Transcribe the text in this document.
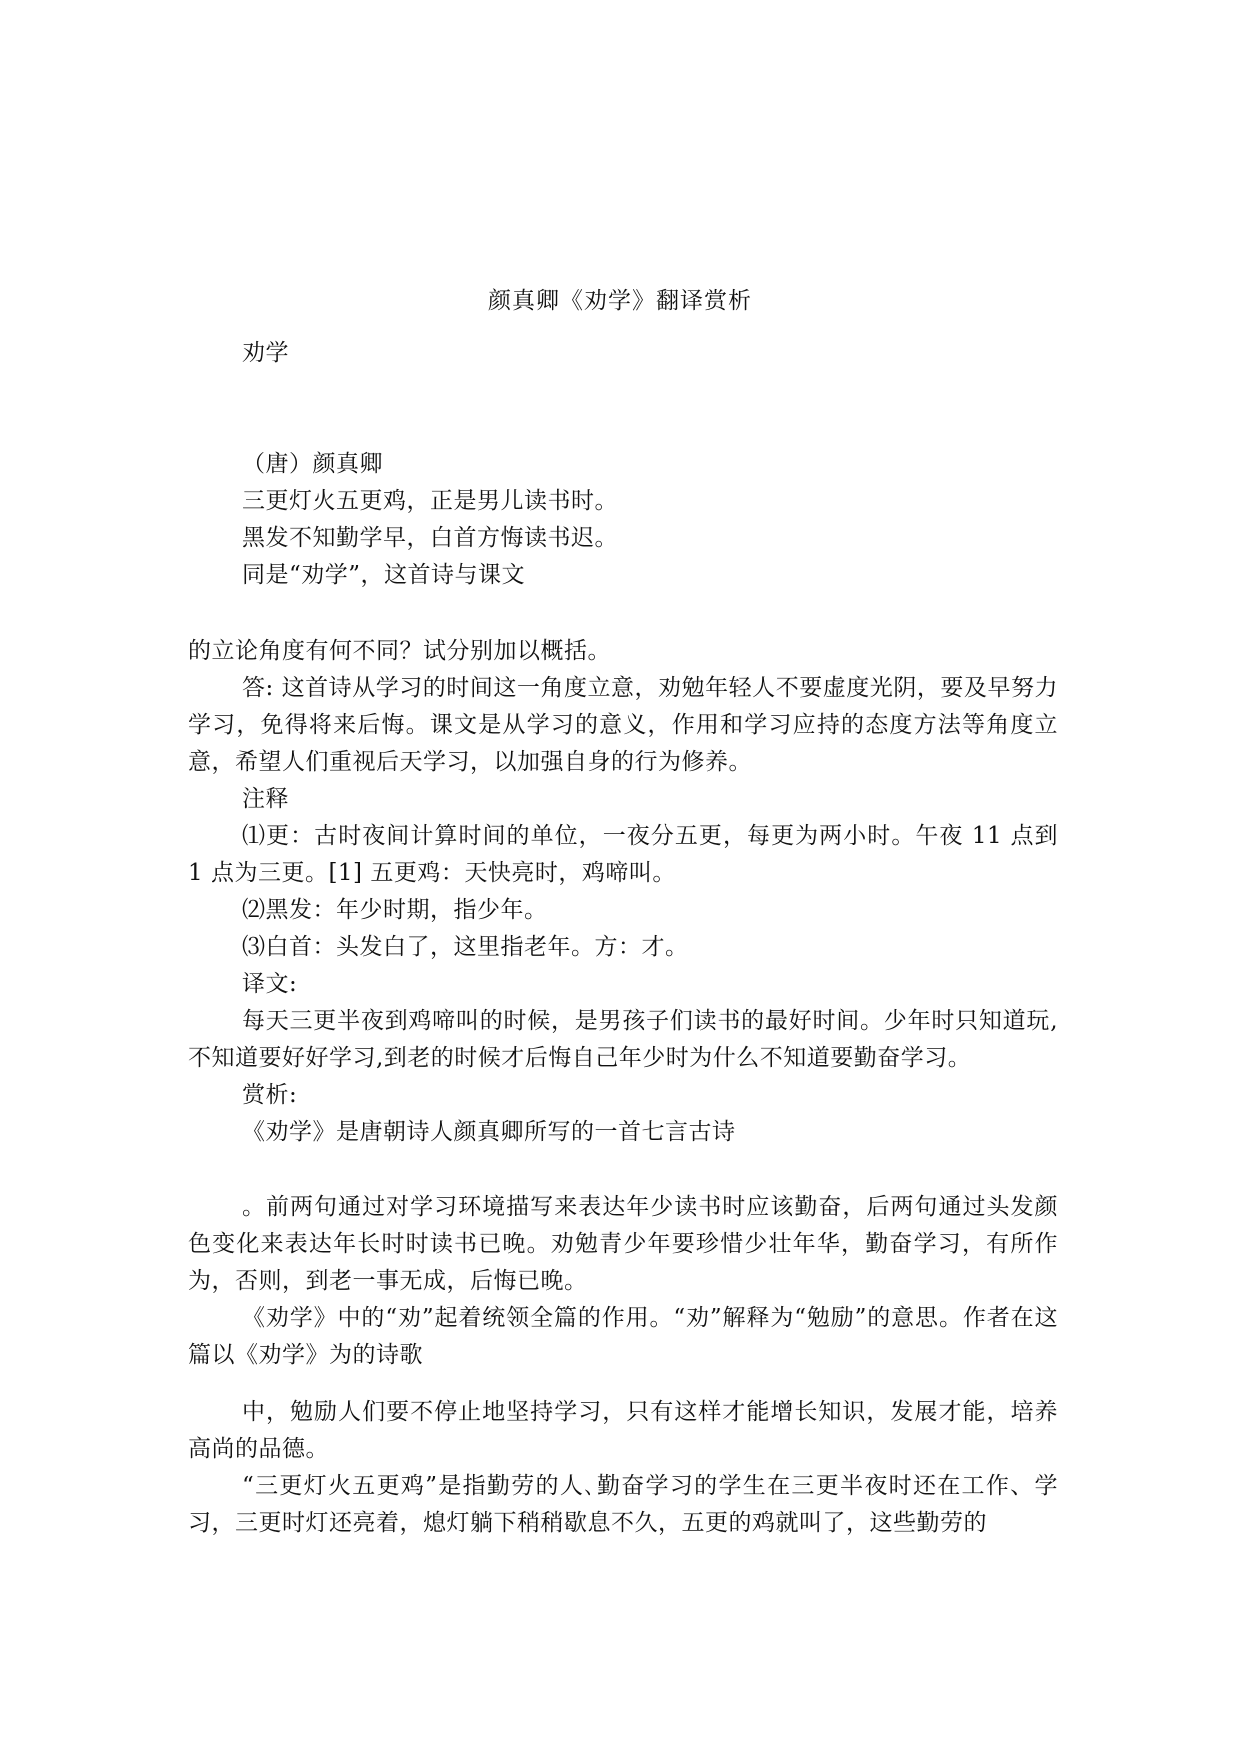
颜真卿《劝学》翻译赏析

劝学

（唐）颜真卿

三更灯火五更鸡，正是男儿读书时。

黑发不知勤学早，白首方悔读书迟。

同是“劝学”，这首诗与课文

的立论角度有何不同？试分别加以概括。

答: 这首诗从学习的时间这一角度立意，劝勉年轻人不要虚度光阴，要及早努力学习，免得将来后悔。课文是从学习的意义，作用和学习应持的态度方法等角度立意，希望人们重视后天学习，以加强自身的行为修养。

注释

⑴更：古时夜间计算时间的单位，一夜分五更，每更为两小时。午夜 11 点到 1 点为三更。[1] 五更鸡：天快亮时，鸡啼叫。

⑵黑发：年少时期，指少年。

⑶白首：头发白了，这里指老年。方：才。

译文:

每天三更半夜到鸡啼叫的时候，是男孩子们读书的最好时间。少年时只知道玩,不知道要好好学习,到老的时候才后悔自己年少时为什么不知道要勤奋学习。

赏析:

《劝学》是唐朝诗人颜真卿所写的一首七言古诗

。前两句通过对学习环境描写来表达年少读书时应该勤奋，后两句通过头发颜色变化来表达年长时时读书已晚。劝勉青少年要珍惜少壮年华，勤奋学习，有所作为，否则，到老一事无成，后悔已晚。

《劝学》中的“劝”起着统领全篇的作用。“劝”解释为“勉励”的意思。作者在这篇以《劝学》为的诗歌

中，勉励人们要不停止地坚持学习，只有这样才能增长知识，发展才能，培养高尚的品德。

“三更灯火五更鸡”是指勤劳的人､勤奋学习的学生在三更半夜时还在工作、学习，三更时灯还亮着，熄灯躺下稍稍歇息不久，五更的鸡就叫了，这些勤劳的
